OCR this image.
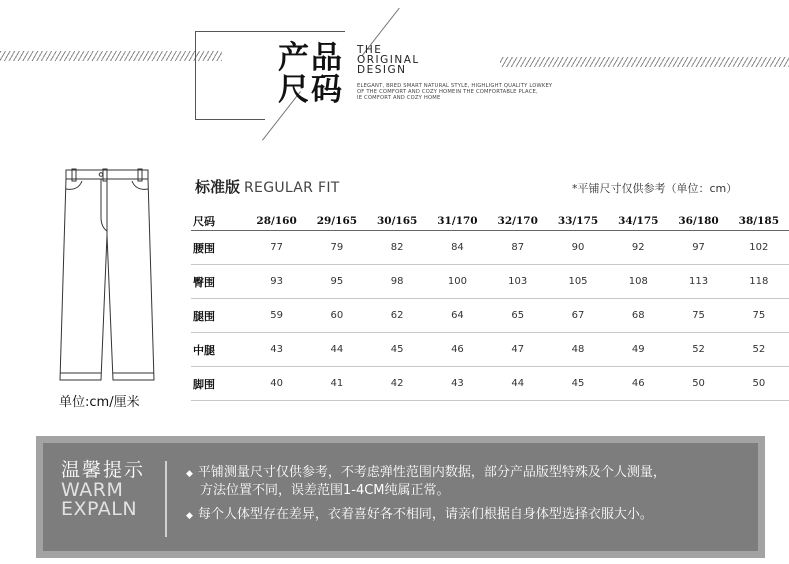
产品
尺码
THE
ORIGINAL
DESIGN
ELEGANT, BRED SMART NATURAL STYLE, HIGHLIGHT QUALITY LOWKEY
OF THE COMFORT AND COZY HOMEIN THE COMFORTABLE PLACE,
IE COMFORT AND COZY HOME
单位:cm/厘米
标准版 REGULAR FIT	*平铺尺寸仅供参考（单位：cm）
尺码	28/160	29/165	30/165	31/170	32/170	33/175	34/175	36/180	38/185
腰围	77	79	82	84	87	90	92	97	102
臀围	93	95	98	100	103	105	108	113	118
腿围	59	60	62	64	65	67	68	75	75
中腿	43	44	45	46	47	48	49	52	52
脚围	40	41	42	43	44	45	46	50	50
温馨提示
WARM
EXPALN
◆ 平铺测量尺寸仅供参考，不考虑弹性范围内数据，部分产品版型特殊及个人测量，
方法位置不同，误差范围1-4CM纯属正常。
◆ 每个人体型存在差异，衣着喜好各不相同，请亲们根据自身体型选择衣服大小。
